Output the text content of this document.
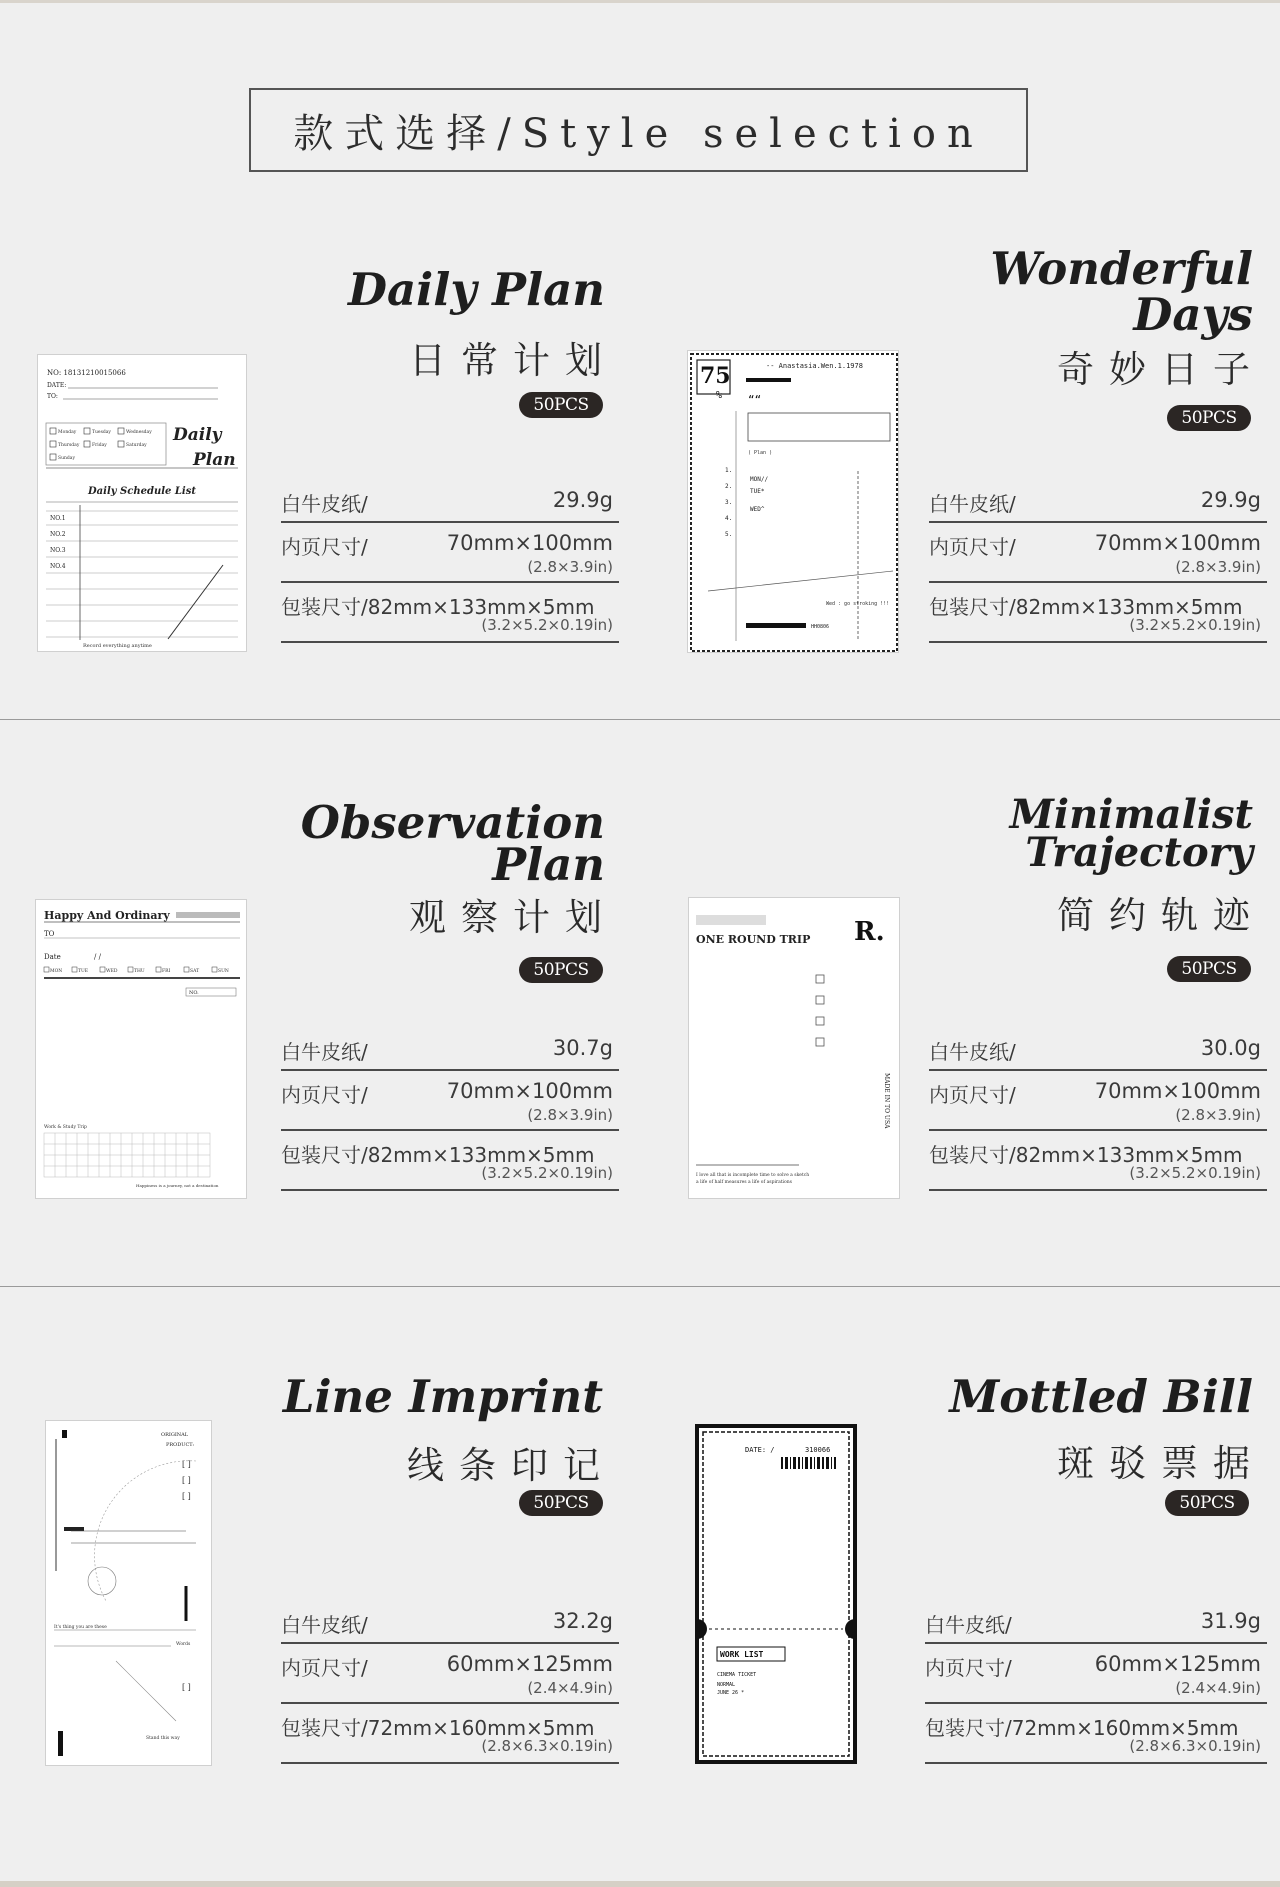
款式选择/Style selection
NO: 18131210015066
DATE:
TO:
Monday	Tuesday	Wednesday
Thursday	Friday	Saturday
Sunday
Daily
Plan
Daily Schedule List
NO.1
NO.2
NO.3
NO.4
Record everything anytime
Daily Plan
日常计划
50PCS
白牛皮纸/	29.9g
内页尺寸/	70mm×100mm
(2.8×3.9in)
包装尺寸/82mm×133mm×5mm
(3.2×5.2×0.19in)
75
%
-- Anastasia.Wen.1.1978
““
( Plan )
MON//
TUE*
WED^
1.
2.
3.
4.
5.
Wed : go stroking !!!
HH0806
Wonderful
Days
奇妙日子
50PCS
白牛皮纸/	29.9g
内页尺寸/	70mm×100mm
(2.8×3.9in)
包装尺寸/82mm×133mm×5mm
(3.2×5.2×0.19in)
Happy And Ordinary
TO
Date	/ /
MON	TUE	WED	THU	FRI	SAT	SUN
NO.
Work & Study Trip
Happiness is a journey, not a destination
Observation
Plan
观察计划
50PCS
白牛皮纸/	30.7g
内页尺寸/	70mm×100mm
(2.8×3.9in)
包装尺寸/82mm×133mm×5mm
(3.2×5.2×0.19in)
ONE ROUND TRIP R.
MADE IN TO USA
I love all that is incomplete time to solve a sketch
a life of half measures a life of aspirations
Minimalist
Trajectory
简约轨迹
50PCS
白牛皮纸/	30.0g
内页尺寸/	70mm×100mm
(2.8×3.9in)
包装尺寸/82mm×133mm×5mm
(3.2×5.2×0.19in)
ORIGINAL
PRODUCT:
[ ]
[ ]
[ ]
It's thing you are these
Words
[ ]
Stand this way
Line Imprint
线条印记
50PCS
白牛皮纸/	32.2g
内页尺寸/	60mm×125mm
(2.4×4.9in)
包装尺寸/72mm×160mm×5mm
(2.8×6.3×0.19in)
DATE: /	310066
WORK LIST
CINEMA TICKET
NORMAL
JUNE 26 *
Mottled Bill
斑驳票据
50PCS
白牛皮纸/	31.9g
内页尺寸/	60mm×125mm
(2.4×4.9in)
包装尺寸/72mm×160mm×5mm
(2.8×6.3×0.19in)
